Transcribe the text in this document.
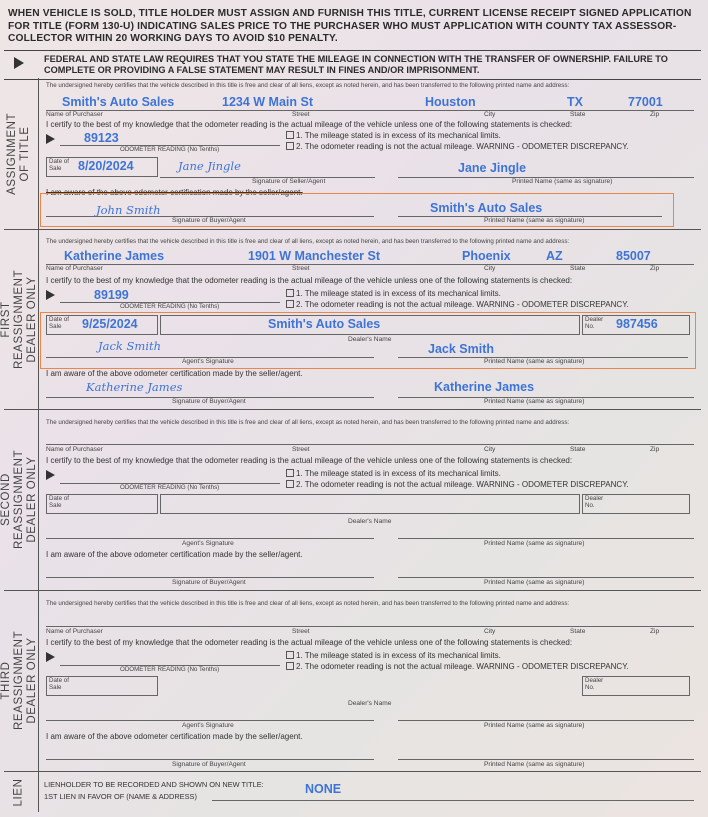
WHEN VEHICLE IS SOLD, TITLE HOLDER MUST ASSIGN AND FURNISH THIS TITLE, CURRENT LICENSE RECEIPT SIGNED APPLICATION FOR TITLE (FORM 130-U) INDICATING SALES PRICE TO THE PURCHASER WHO MUST APPLICATION WITH COUNTY TAX ASSESSOR-COLLECTOR WITHIN 20 WORKING DAYS TO AVOID $10 PENALTY.
FEDERAL AND STATE LAW REQUIRES THAT YOU STATE THE MILEAGE IN CONNECTION WITH THE TRANSFER OF OWNERSHIP. FAILURE TO COMPLETE OR PROVIDING A FALSE STATEMENT MAY RESULT IN FINES AND/OR IMPRISONMENT.
ASSIGNMENT OF TITLE
FIRST REASSIGNMENT DEALER ONLY
SECOND REASSIGNMENT DEALER ONLY
THIRD REASSIGNMENT DEALER ONLY
LIEN
The undersigned hereby certifies that the vehicle described in this title is free and clear of all liens, except as noted herein, and has been transferred to the following printed name and address:
Smith's Auto Sales	1234 W Main St	Houston	TX	77001
Name of Purchaser	Street	City	State	Zip
I certify to the best of my knowledge that the odometer reading is the actual mileage of the vehicle unless one of the following statements is checked:
89123
ODOMETER READING (No Tenths)
1. The mileage stated is in excess of its mechanical limits.
2. The odometer reading is not the actual mileage. WARNING - ODOMETER DISCREPANCY.
Date of Sale	8/20/2024	Jane Jingle	Jane Jingle
Signature of Seller/Agent	Printed Name (same as signature)
I am aware of the above odometer certification made by the seller/agent.
John Smith	Smith's Auto Sales
Signature of Buyer/Agent	Printed Name (same as signature)
The undersigned hereby certifies that the vehicle described in this title is free and clear of all liens, except as noted herein, and has been transferred to the following printed name and address:
Katherine James	1901 W Manchester St	Phoenix	AZ	85007
Name of Purchaser	Street	City	State	Zip
I certify to the best of my knowledge that the odometer reading is the actual mileage of the vehicle unless one of the following statements is checked:
89199
ODOMETER READING (No Tenths)
1. The mileage stated is in excess of its mechanical limits.
2. The odometer reading is not the actual mileage. WARNING - ODOMETER DISCREPANCY.
Date of Sale	9/25/2024	Smith's Auto Sales	Dealer No.	987456
Dealer's Name
Jack Smith	Jack Smith
Agent's Signature	Printed Name (same as signature)
I am aware of the above odometer certification made by the seller/agent.
Katherine James	Katherine James
Signature of Buyer/Agent	Printed Name (same as signature)
The undersigned hereby certifies that the vehicle described in this title is free and clear of all liens, except as noted herein, and has been transferred to the following printed name and address:
Name of Purchaser	Street	City	State	Zip
I certify to the best of my knowledge that the odometer reading is the actual mileage of the vehicle unless one of the following statements is checked:
ODOMETER READING (No Tenths)
1. The mileage stated is in excess of its mechanical limits.
2. The odometer reading is not the actual mileage. WARNING - ODOMETER DISCREPANCY.
Date of Sale
Dealer No.
Dealer's Name
Agent's Signature	Printed Name (same as signature)
I am aware of the above odometer certification made by the seller/agent.
Signature of Buyer/Agent	Printed Name (same as signature)
The undersigned hereby certifies that the vehicle described in this title is free and clear of all liens, except as noted herein, and has been transferred to the following printed name and address:
Name of Purchaser	Street	City	State	Zip
I certify to the best of my knowledge that the odometer reading is the actual mileage of the vehicle unless one of the following statements is checked:
ODOMETER READING (No Tenths)
1. The mileage stated is in excess of its mechanical limits.
2. The odometer reading is not the actual mileage. WARNING - ODOMETER DISCREPANCY.
Date of Sale
Dealer No.
Dealer's Name
Agent's Signature	Printed Name (same as signature)
I am aware of the above odometer certification made by the seller/agent.
Signature of Buyer/Agent	Printed Name (same as signature)
LIENHOLDER TO BE RECORDED AND SHOWN ON NEW TITLE:
1ST LIEN IN FAVOR OF (NAME & ADDRESS)
NONE
